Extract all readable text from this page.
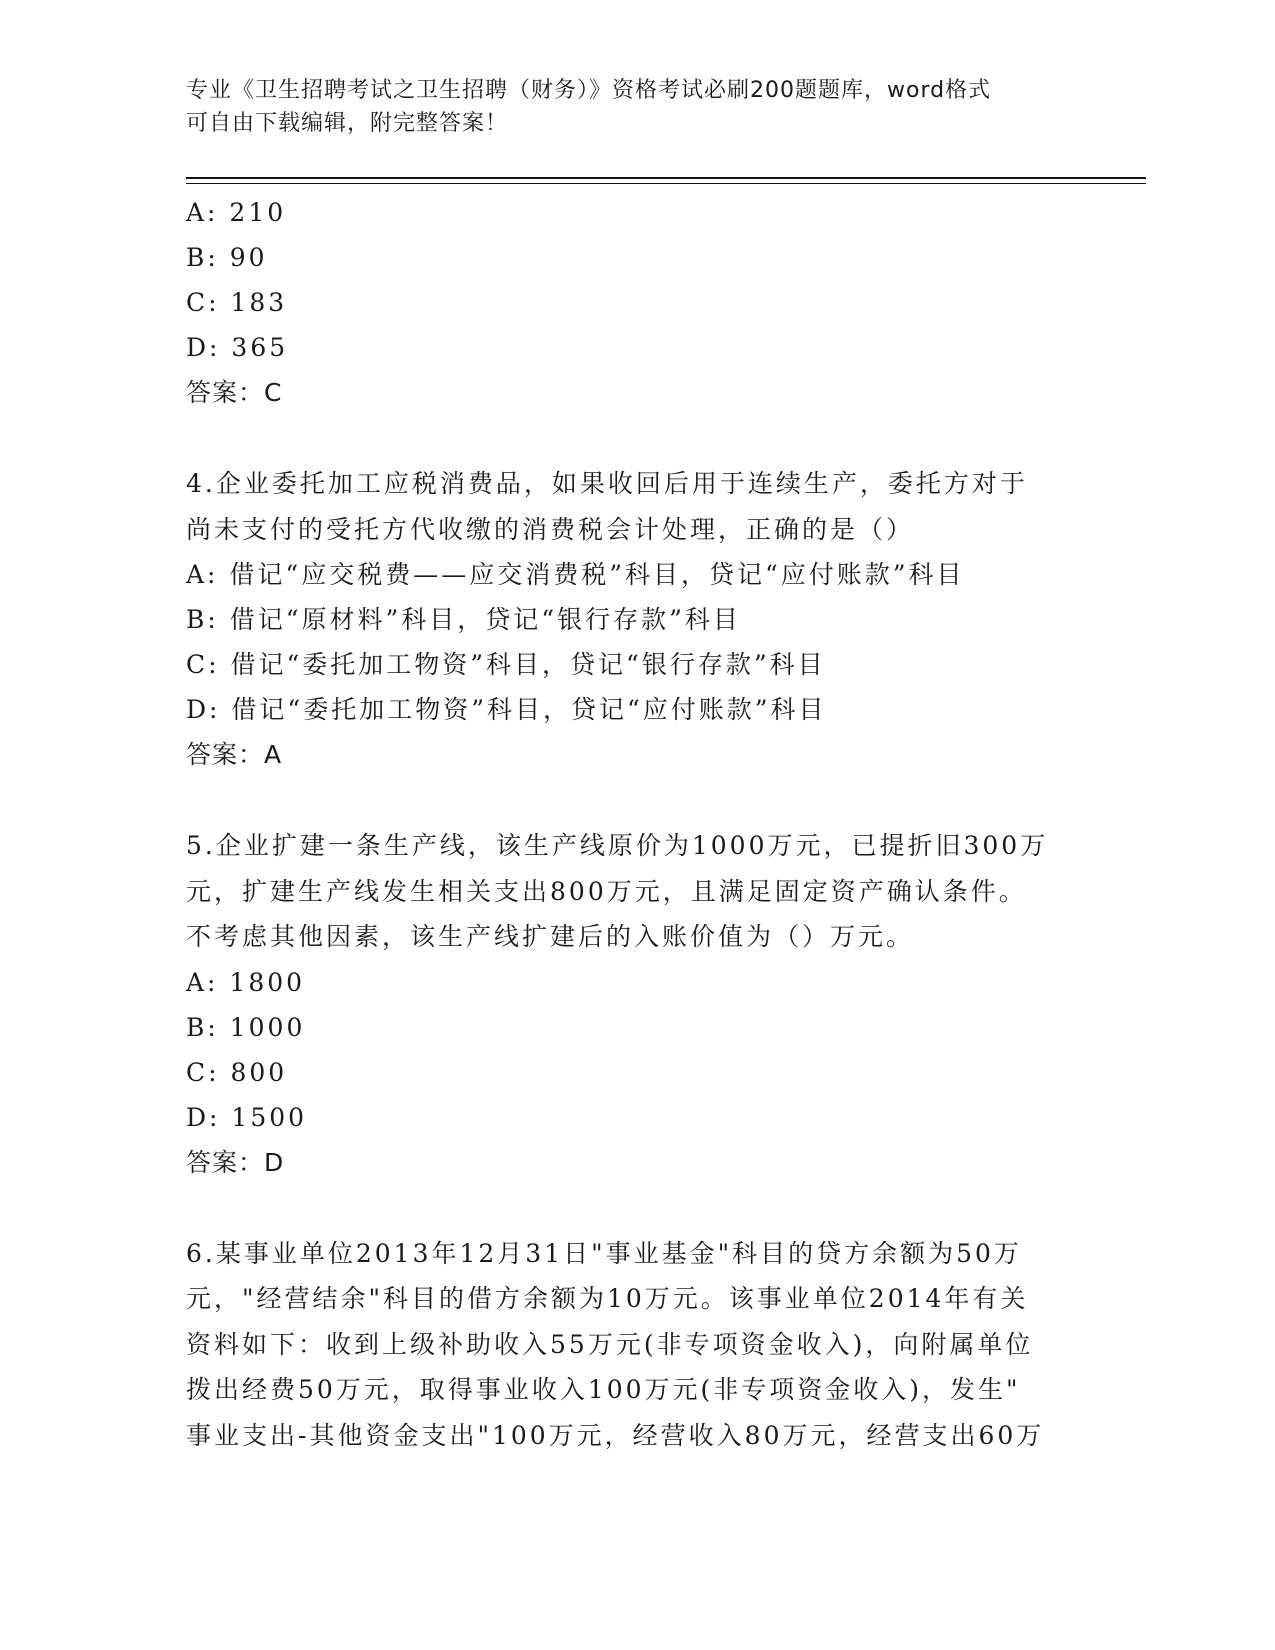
专业《卫生招聘考试之卫生招聘（财务）》资格考试必刷200题题库，word格式
可自由下载编辑，附完整答案！
A: 210
B: 90
C: 183
D: 365
答案：C
4.企业委托加工应税消费品，如果收回后用于连续生产，委托方对于
尚未支付的受托方代收缴的消费税会计处理，正确的是（）
A: 借记“应交税费——应交消费税”科目，贷记“应付账款”科目
B: 借记“原材料”科目，贷记“银行存款”科目
C: 借记“委托加工物资”科目，贷记“银行存款”科目
D: 借记“委托加工物资”科目，贷记“应付账款”科目
答案：A
5.企业扩建一条生产线，该生产线原价为1000万元，已提折旧300万
元，扩建生产线发生相关支出800万元，且满足固定资产确认条件。
不考虑其他因素，该生产线扩建后的入账价值为（）万元。
A: 1800
B: 1000
C: 800
D: 1500
答案：D
6.某事业单位2013年12月31日"事业基金"科目的贷方余额为50万
元，"经营结余"科目的借方余额为10万元。该事业单位2014年有关
资料如下：收到上级补助收入55万元(非专项资金收入)，向附属单位
拨出经费50万元，取得事业收入100万元(非专项资金收入)，发生"
事业支出-其他资金支出"100万元，经营收入80万元，经营支出60万
